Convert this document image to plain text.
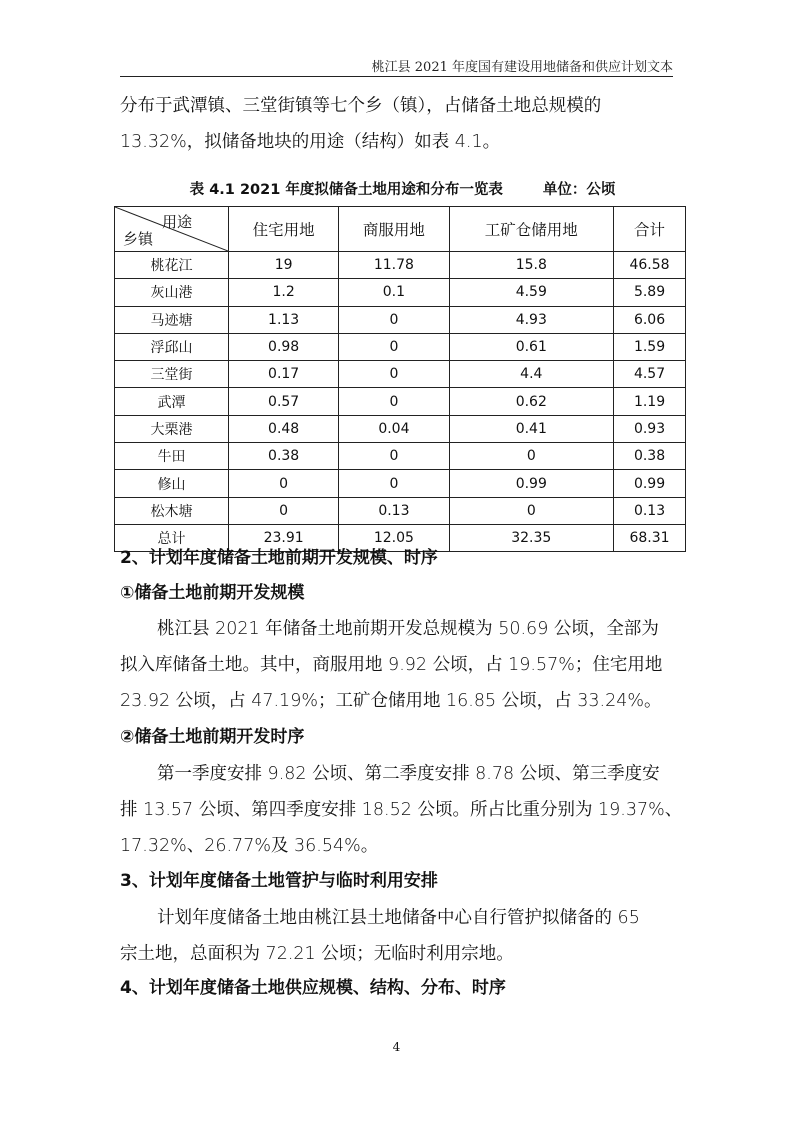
桃江县 2021 年度国有建设用地储备和供应计划文本

分布于武潭镇、三堂街镇等七个乡（镇），占储备土地总规模的
13.32%，拟储备地块的用途（结构）如表 4.1。

表 4.1 2021 年度拟储备土地用途和分布一览表	单位：公顷
用途
乡镇	住宅用地	商服用地	工矿仓储用地	合计
桃花江	19	11.78	15.8	46.58
灰山港	1.2	0.1	4.59	5.89
马迹塘	1.13	0	4.93	6.06
浮邱山	0.98	0	0.61	1.59
三堂街	0.17	0	4.4	4.57
武潭	0.57	0	0.62	1.19
大栗港	0.48	0.04	0.41	0.93
牛田	0.38	0	0	0.38
修山	0	0	0.99	0.99
松木塘	0	0.13	0	0.13
总计	23.91	12.05	32.35	68.31
2、计划年度储备土地前期开发规模、时序
①储备土地前期开发规模

桃江县 2021 年储备土地前期开发总规模为 50.69 公顷，全部为
拟入库储备土地。其中，商服用地 9.92 公顷，占 19.57%；住宅用地
23.92 公顷，占 47.19%；工矿仓储用地 16.85 公顷，占 33.24%。

②储备土地前期开发时序

第一季度安排 9.82 公顷、第二季度安排 8.78 公顷、第三季度安
排 13.57 公顷、第四季度安排 18.52 公顷。所占比重分别为 19.37%、
17.32%、26.77%及 36.54%。

3、计划年度储备土地管护与临时利用安排

计划年度储备土地由桃江县土地储备中心自行管护拟储备的 65
宗土地，总面积为 72.21 公顷；无临时利用宗地。

4、计划年度储备土地供应规模、结构、分布、时序
4
